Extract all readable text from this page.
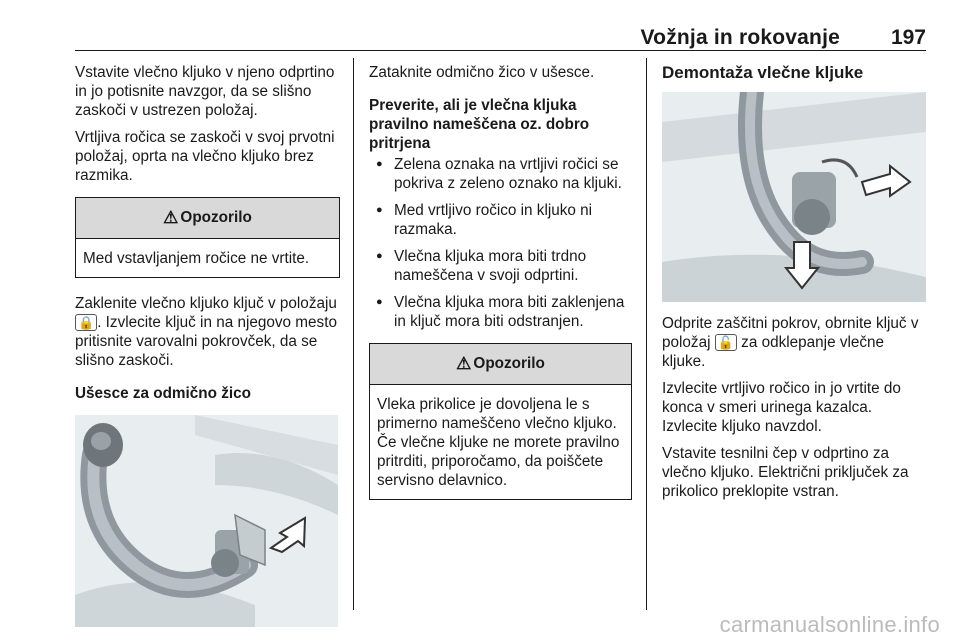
Vožnja in rokovanje	197

Vstavite vlečno kljuko v njeno odprtino in jo potisnite navzgor, da se slišno zaskoči v ustrezen položaj.

Vrtljiva ročica se zaskoči v svoj prvotni položaj, oprta na vlečno kljuko brez razmika.

⚠ Opozorilo
Med vstavljanjem ročice ne vrtite.

Zaklenite vlečno kljuko ključ v položaju 🔒 . Izvlecite ključ in na njegovo mesto pritisnite varovalni pokrovček, da se slišno zaskoči.

Ušesce za odmično žico

Zataknite odmično žico v ušesce.

Preverite, ali je vlečna kljuka pravilno nameščena oz. dobro pritrjena
● Zelena oznaka na vrtljivi ročici se pokriva z zeleno oznako na kljuki.
● Med vrtljivo ročico in kljuko ni razmaka.
● Vlečna kljuka mora biti trdno nameščena v svoji odprtini.
● Vlečna kljuka mora biti zaklenjena in ključ mora biti odstranjen.
⚠ Opozorilo
Vleka prikolice je dovoljena le s primerno nameščeno vlečno kljuko. Če vlečne kljuke ne morete pravilno pritrditi, priporočamo, da poiščete servisno delavnico.
Demontaža vlečne kljuke

Odprite zaščitni pokrov, obrnite ključ v položaj 🔓 za odklepanje vlečne kljuke.

Izvlecite vrtljivo ročico in jo vrtite do konca v smeri urinega kazalca. Izvlecite kljuko navzdol.

Vstavite tesnilni čep v odprtino za vlečno kljuko. Električni priključek za prikolico preklopite vstran.

carmanualsonline.info
